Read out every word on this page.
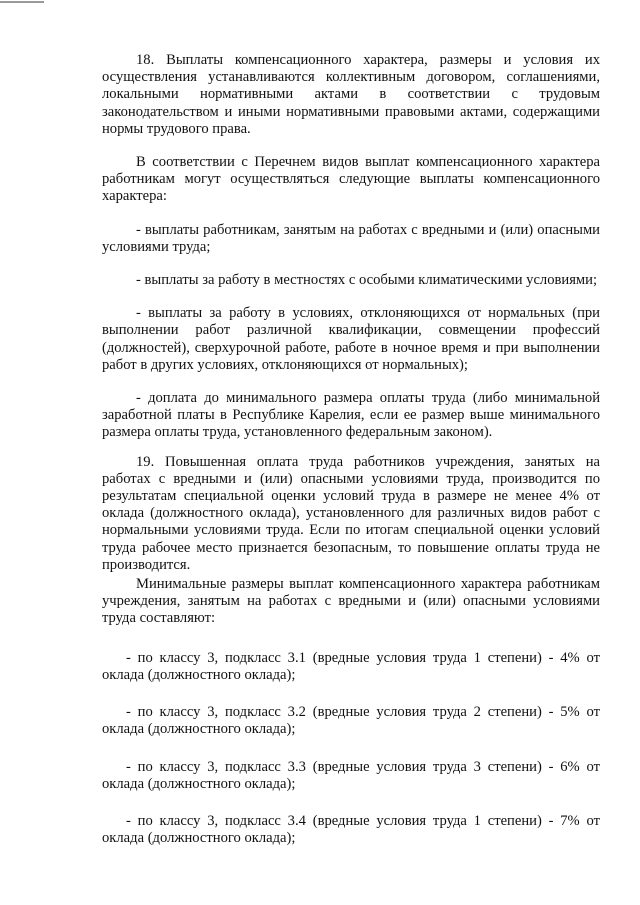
18. Выплаты компенсационного характера, размеры и условия их осуществления устанавливаются коллективным договором, соглашениями, локальными нормативными актами в соответствии с трудовым законодательством и иными нормативными правовыми актами, содержащими нормы трудового права.

В соответствии с Перечнем видов выплат компенсационного характера работникам могут осуществляться следующие выплаты компенсационного характера:

- выплаты работникам, занятым на работах с вредными и (или) опасными условиями труда;

- выплаты за работу в местностях с особыми климатическими условиями;

- выплаты за работу в условиях, отклоняющихся от нормальных (при выполнении работ различной квалификации, совмещении профессий (должностей), сверхурочной работе, работе в ночное время и при выполнении работ в других условиях, отклоняющихся от нормальных);

- доплата до минимального размера оплаты труда (либо минимальной заработной платы в Республике Карелия, если ее размер выше минимального размера оплаты труда, установленного федеральным законом).

19. Повышенная оплата труда работников учреждения, занятых на работах с вредными и (или) опасными условиями труда, производится по результатам специальной оценки условий труда в размере не менее 4% от оклада (должностного оклада), установленного для различных видов работ с нормальными условиями труда. Если по итогам специальной оценки условий труда рабочее место признается безопасным, то повышение оплаты труда не производится.

Минимальные размеры выплат компенсационного характера работникам учреждения, занятым на работах с вредными и (или) опасными условиями труда составляют:

- по классу 3, подкласс 3.1 (вредные условия труда 1 степени) - 4% от оклада (должностного оклада);

- по классу 3, подкласс 3.2 (вредные условия труда 2 степени) - 5% от оклада (должностного оклада);

- по классу 3, подкласс 3.3 (вредные условия труда 3 степени) - 6% от оклада (должностного оклада);

- по классу 3, подкласс 3.4 (вредные условия труда 1 степени) - 7% от оклада (должностного оклада);
